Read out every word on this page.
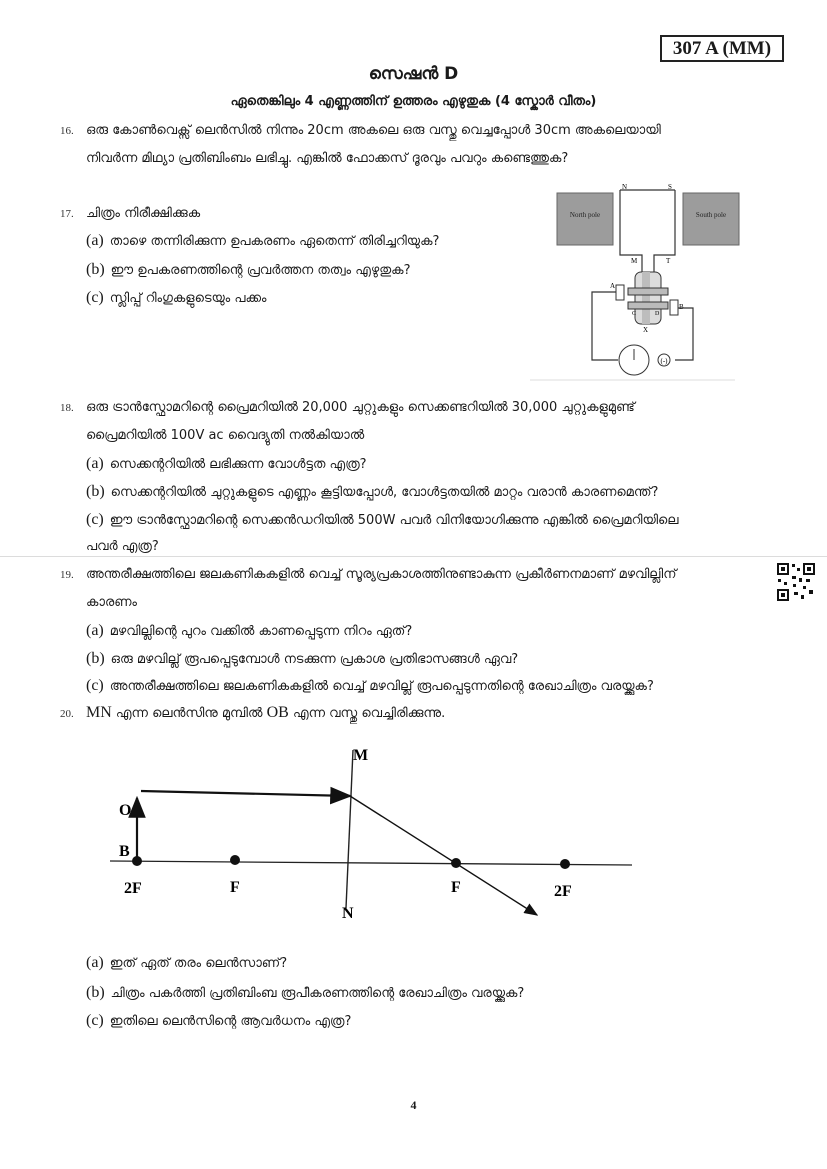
307 A (MM)
സെഷൻ D
ഏതെങ്കിലും 4 എണ്ണത്തിന് ഉത്തരം എഴുതുക (4 സ്കോർ വീതം)
16. ഒരു കോൺവെക്സ് ലെൻസിൽ നിന്നും 20cm അകലെ ഒരു വസ്തു വെച്ചപ്പോൾ 30cm അകലെയായി
നിവർന്ന മിഥ്യാ പ്രതിബിംബം ലഭിച്ചു. എങ്കിൽ ഫോക്കസ് ദൂരവും പവറും കണ്ടെത്തുക?
17. ചിത്രം നിരീക്ഷിക്കുക
(a) താഴെ തന്നിരിക്കുന്ന ഉപകരണം ഏതെന്ന് തിരിച്ചറിയുക?
(b) ഈ ഉപകരണത്തിന്റെ പ്രവർത്തന തത്വം എഴുതുക?
(c) സ്ലിപ്പ് റിംഗുകളുടെയും പക്കം
North pole	South pole
N	S
M	T
A
B
C	D
X
(-)
18. ഒരു ട്രാൻസ്ഫോമറിന്റെ പ്രൈമറിയിൽ 20,000 ചുറ്റുകളും സെക്കണ്ടറിയിൽ 30,000 ചുറ്റുകളുമുണ്ട്
പ്രൈമറിയിൽ 100V ac വൈദ്യുതി നൽകിയാൽ
(a) സെക്കന്ററിയിൽ ലഭിക്കുന്ന വോൾട്ടത എത്ര?
(b) സെക്കന്ററിയിൽ ചുറ്റുകളുടെ എണ്ണം കൂട്ടിയപ്പോൾ, വോൾട്ടതയിൽ മാറ്റം വരാൻ കാരണമെന്ത്?
(c) ഈ ട്രാൻസ്ഫോമറിന്റെ സെക്കൻഡറിയിൽ 500W പവർ വിനിയോഗിക്കുന്നു എങ്കിൽ പ്രൈമറിയിലെ
പവർ എത്ര?
19. അന്തരീക്ഷത്തിലെ ജലകണികകളിൽ വെച്ച് സൂര്യപ്രകാശത്തിനുണ്ടാകുന്ന പ്രകീർണനമാണ് മഴവില്ലിന്
കാരണം
(a) മഴവില്ലിന്റെ പുറം വക്കിൽ കാണപ്പെടുന്ന നിറം ഏത്?
(b) ഒരു മഴവില്ല് രൂപപ്പെടുമ്പോൾ നടക്കുന്ന പ്രകാശ പ്രതിഭാസങ്ങൾ ഏവ?
(c) അന്തരീക്ഷത്തിലെ ജലകണികകളിൽ വെച്ച് മഴവില്ല് രൂപപ്പെടുന്നതിന്റെ രേഖാചിത്രം വരയ്ക്കുക?
20. MN എന്ന ലെൻസിനു മുമ്പിൽ OB എന്ന വസ്തു വെച്ചിരിക്കുന്നു.
M
N
O
B
2F	F	F	2F
(a) ഇത് ഏത് തരം ലെൻസാണ്?
(b) ചിത്രം പകർത്തി പ്രതിബിംബ രൂപീകരണത്തിന്റെ രേഖാചിത്രം വരയ്ക്കുക?
(c) ഇതിലെ ലെൻസിന്റെ ആവർധനം എത്ര?
4
